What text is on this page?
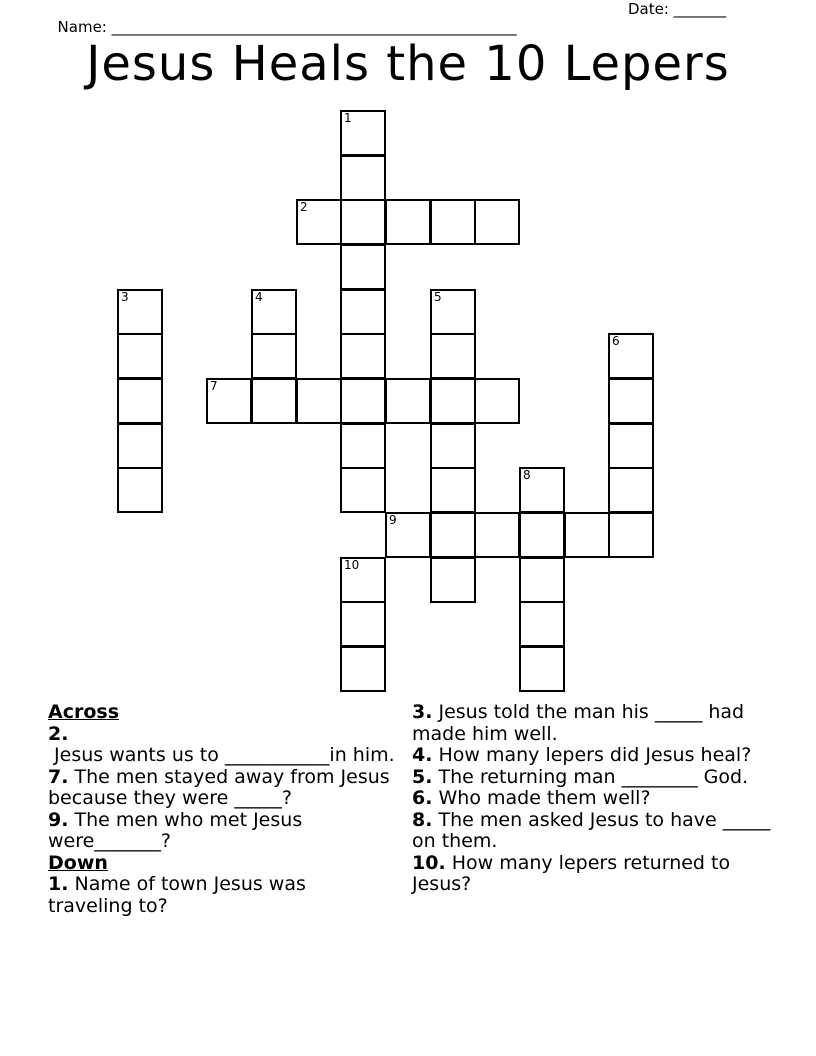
Name: ______________________________________________________

Date: _______

Jesus Heals the 10 Lepers
1
2
3	4	5
6
7
8
9
10
Across

2. Jesus wants us to ___________in him.

7. The men stayed away from Jesus because they were _____?

9. The men who met Jesus were_______?

Down

1. Name of town Jesus was traveling to?

3. Jesus told the man his _____ had made him well.

4. How many lepers did Jesus heal?

5. The returning man ________ God.

6. Who made them well?

8. The men asked Jesus to have _____ on them.

10. How many lepers returned to Jesus?
